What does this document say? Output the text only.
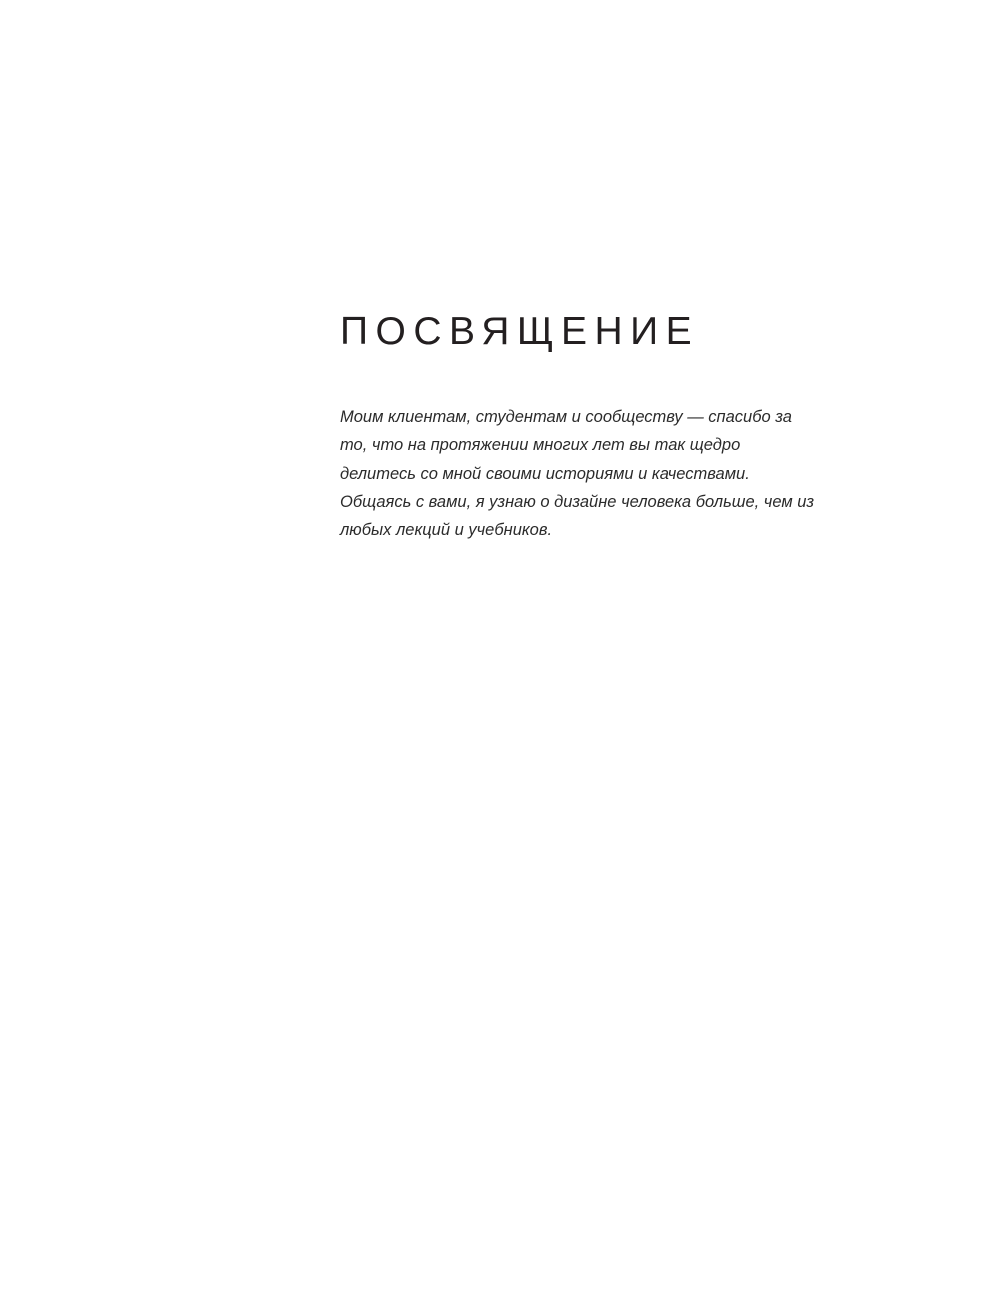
ПОСВЯЩЕНИЕ

Моим клиентам, студентам и сообществу — спасибо за то, что на протяжении многих лет вы так щедро делитесь со мной своими историями и качествами. Общаясь с вами, я узнаю о дизайне человека больше, чем из любых лекций и учебников.
